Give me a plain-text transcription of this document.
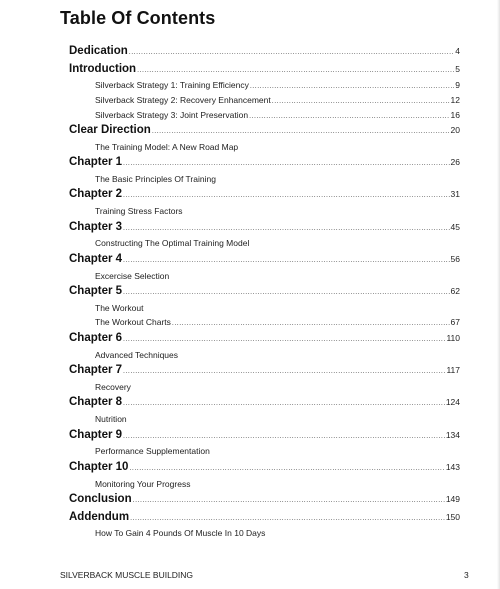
Table Of Contents
Dedication .....	4
Introduction .....	5
Silverback Strategy 1: Training Efficiency .....	9
Silverback Strategy 2: Recovery Enhancement .....	12
Silverback Strategy 3: Joint Preservation .....	16
Clear Direction .....	20
The Training Model: A New Road Map
Chapter 1 .....	26
The Basic Principles Of Training
Chapter 2 .....	31
Training Stress Factors
Chapter 3 .....	45
Constructing The Optimal Training Model
Chapter 4 .....	56
Excercise Selection
Chapter 5 .....	62
The Workout
The Workout Charts .....	67
Chapter 6 .....	110
Advanced Techniques
Chapter 7 .....	117
Recovery
Chapter 8 .....	124
Nutrition
Chapter 9 .....	134
Performance Supplementation
Chapter 10 .....	143
Monitoring Your Progress
Conclusion .....	149
Addendum .....	150
How To Gain 4 Pounds Of Muscle In 10 Days
SILVERBACK MUSCLE BUILDING	3
